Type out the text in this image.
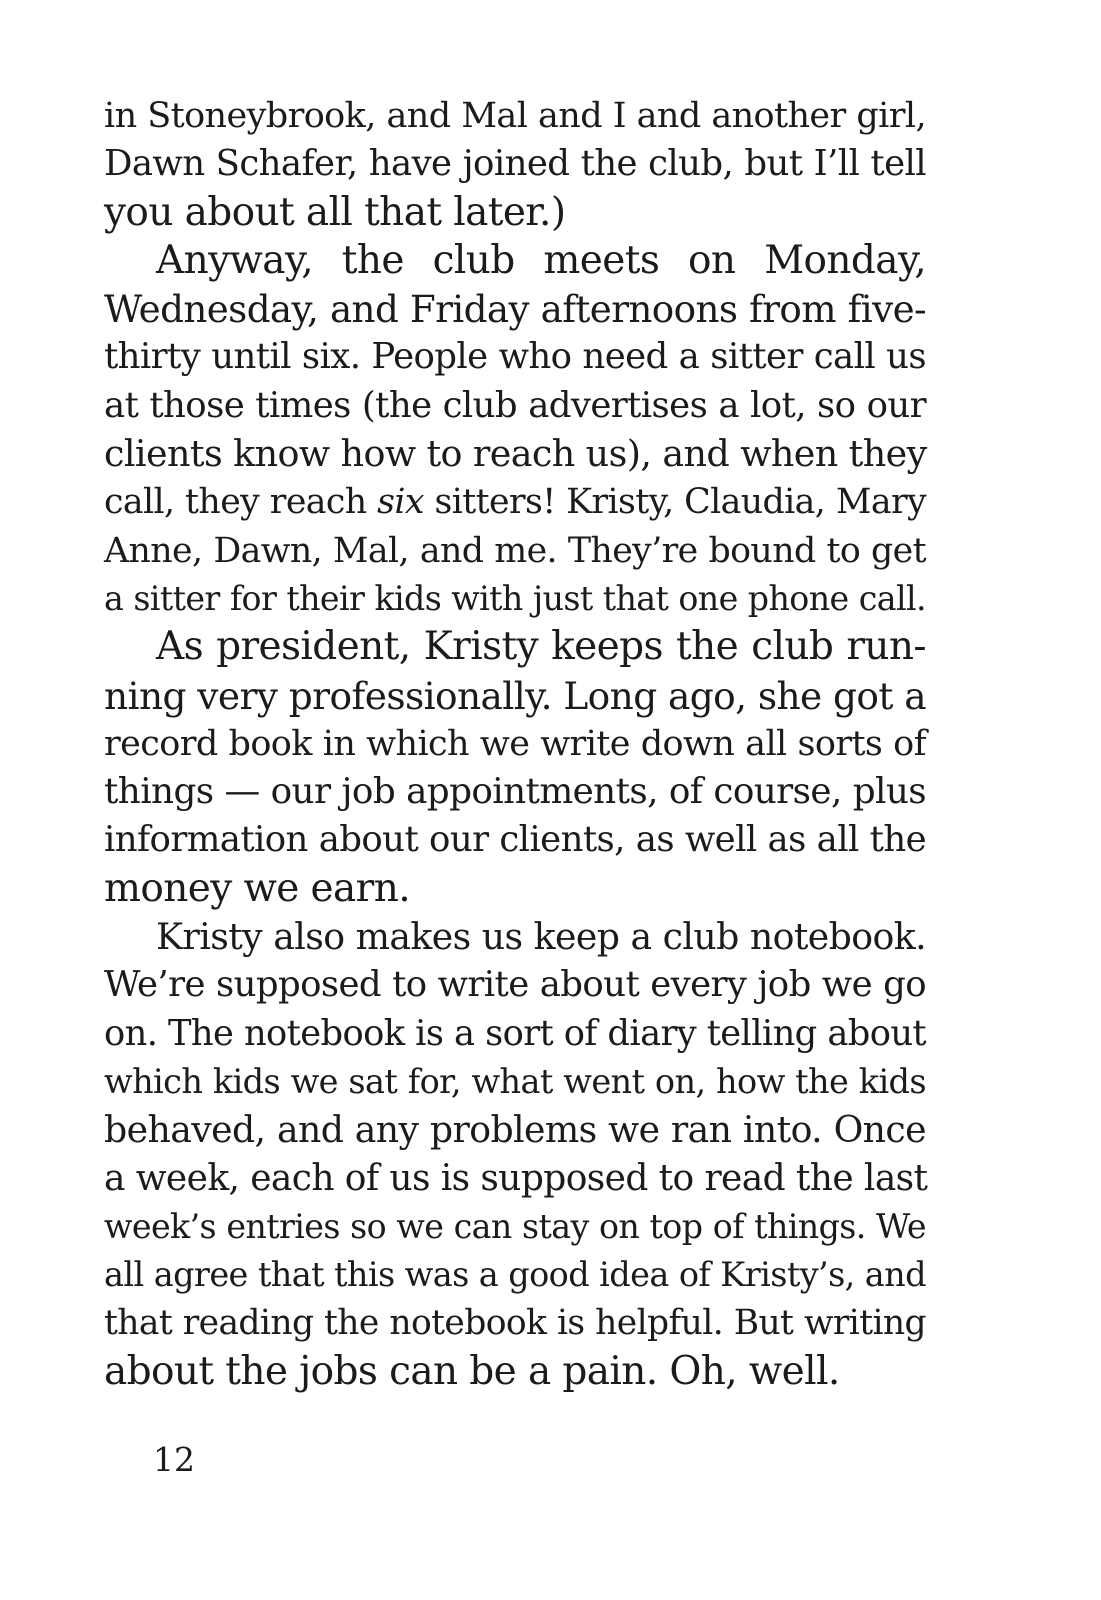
in Stoneybrook, and Mal and I and another girl,

Dawn Schafer, have joined the club, but I’ll tell

you about all that later.)

Anyway, the club meets on Monday,

Wednesday, and Friday afternoons from five-

thirty until six. People who need a sitter call us

at those times (the club advertises a lot, so our

clients know how to reach us), and when they

call, they reach six sitters! Kristy, Claudia, Mary

Anne, Dawn, Mal, and me. They’re bound to get

a sitter for their kids with just that one phone call.

As president, Kristy keeps the club run-

ning very professionally. Long ago, she got a

record book in which we write down all sorts of

things — our job appointments, of course, plus

information about our clients, as well as all the

money we earn.

Kristy also makes us keep a club notebook.

We’re supposed to write about every job we go

on. The notebook is a sort of diary telling about

which kids we sat for, what went on, how the kids

behaved, and any problems we ran into. Once

a week, each of us is supposed to read the last

week’s entries so we can stay on top of things. We

all agree that this was a good idea of Kristy’s, and

that reading the notebook is helpful. But writing

about the jobs can be a pain. Oh, well.

12
